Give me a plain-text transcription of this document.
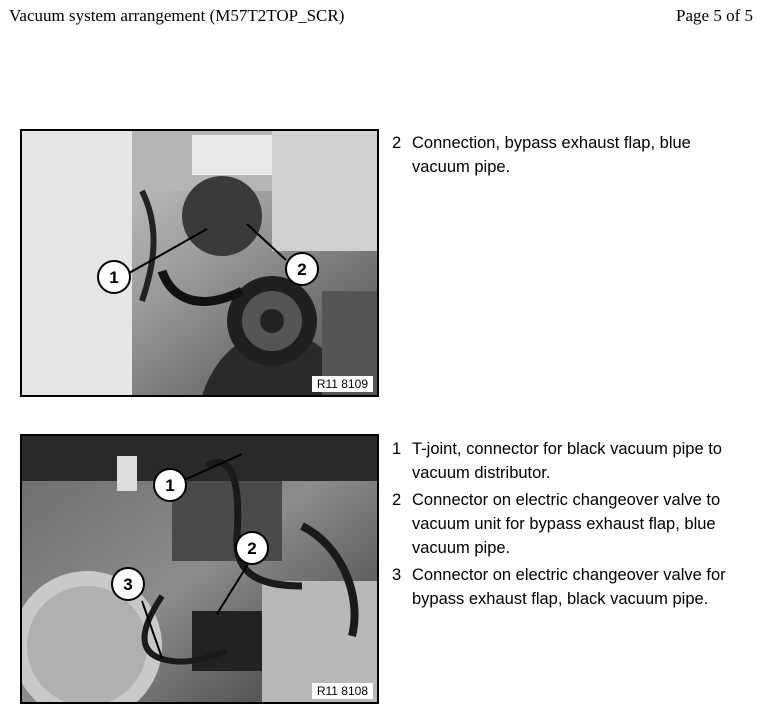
Vacuum system arrangement (M57T2TOP_SCR)	Page 5 of 5
1	2
R11 8109
2 Connection, bypass exhaust flap, blue vacuum pipe.
1
2
3
R11 8108
1 T-joint, connector for black vacuum pipe to vacuum distributor.
2 Connector on electric changeover valve to vacuum unit for bypass exhaust flap, blue vacuum pipe.
3 Connector on electric changeover valve for bypass exhaust flap, black vacuum pipe.
